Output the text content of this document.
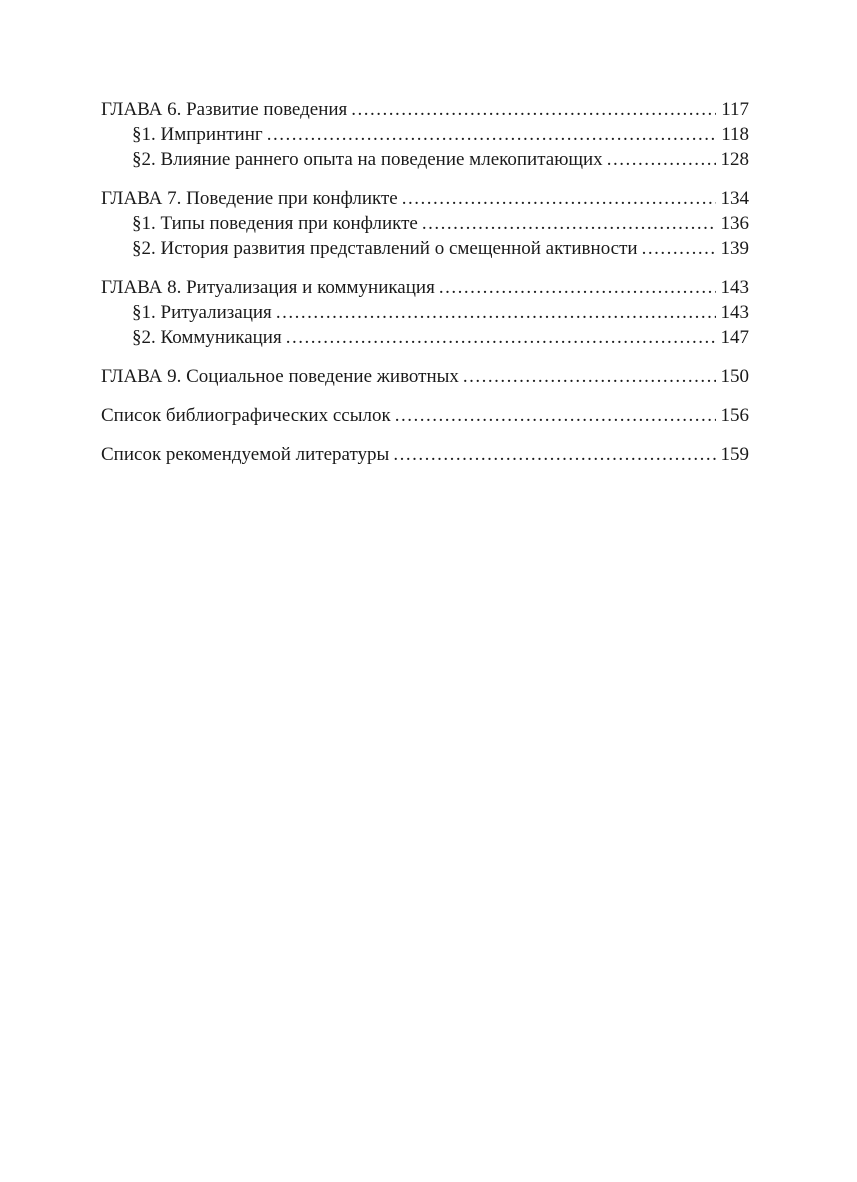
ГЛАВА 6. Развитие поведения .....	117
§1. Импринтинг .....	118
§2. Влияние раннего опыта на поведение млекопитающих .....	128
ГЛАВА 7. Поведение при конфликте .....	134
§1. Типы поведения при конфликте .....	136
§2. История развития представлений о смещенной активности .....	139
ГЛАВА 8. Ритуализация и коммуникация .....	143
§1. Ритуализация .....	143
§2. Коммуникация .....	147
ГЛАВА 9. Социальное поведение животных .....	150
Список библиографических ссылок .....	156
Список рекомендуемой литературы .....	159
